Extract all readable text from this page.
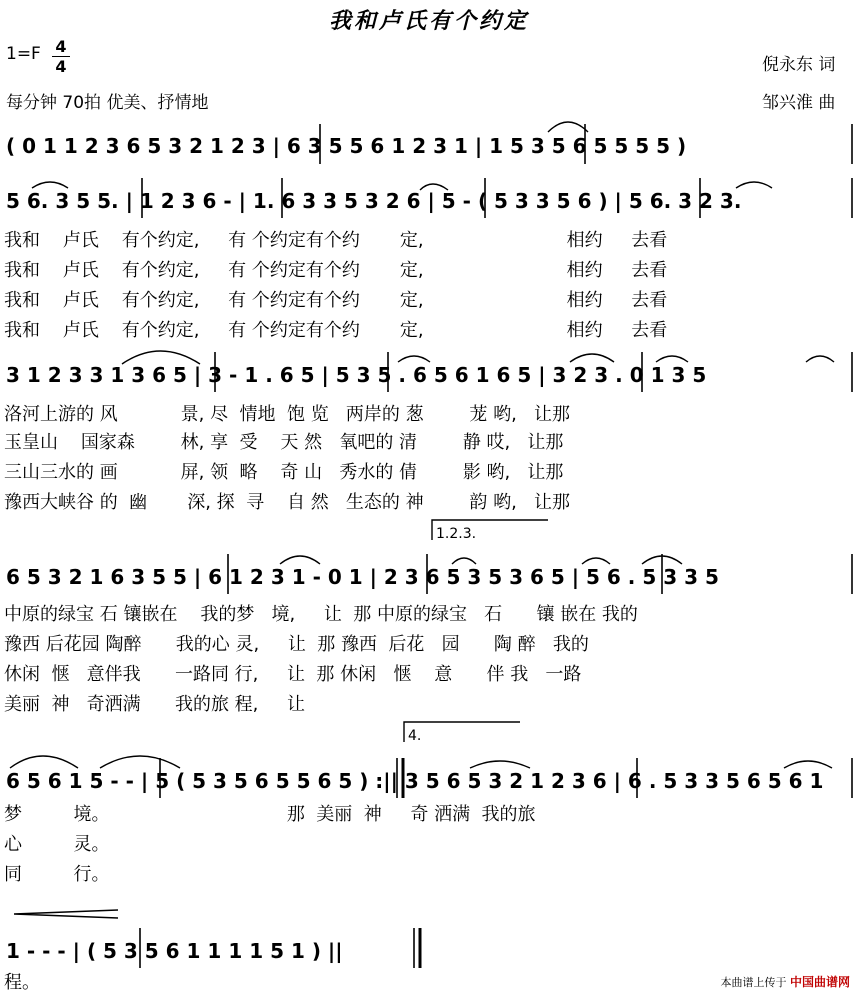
我和卢氏有个约定
1=F 4
4
每分钟 70拍 优美、抒情地
倪永东 词
邹兴淮 曲
( 0 1 1 2 3 6 5 3 2 1 2 3 | 6 3 5 5 6 1 2 3 1 | 1 5 3 5 6 5 5 5 5 )
5 6. 3 5 5. | 1 2 3 6 - | 1. 6 3 3 5 3 2 6 | 5 - ( 5 3 3 5 6 ) | 5 6. 3 2 3.
3 1 2 3 3 1 3 6 5 | 3 - 1 . 6 5 | 5 3 5 . 6 5 6 1 6 5 | 3 2 3 . 0 1 3 5
6 5 3 2 1 6 3 5 5 | 6 1 2 3 1 - 0 1 | 2 3 6 5 3 5 3 6 5 | 5 6 . 5 3 3 5
6 5 6 1 5 - - | 5 ( 5 3 5 6 5 5 6 5 ) :|| 3 5 6 5 3 2 1 2 3 6 | 6 . 5 3 3 5 6 5 6 1
1 - - - | ( 5 3 5 6 1 1 1 1 5 1 ) ||
1.2.3.
4.
我和    卢氏    有个约定,     有 个约定有个约       定,                         相约     去看
我和    卢氏    有个约定,     有 个约定有个约       定,                         相约     去看
我和    卢氏    有个约定,     有 个约定有个约       定,                         相约     去看
我和    卢氏    有个约定,     有 个约定有个约       定,                         相约     去看
洛河上游的 风           景, 尽  情地  饱 览   两岸的 葱        茏 哟,   让那
玉皇山    国家森        林, 享  受    天 然   氧吧的 清        静 哎,   让那
三山三水的 画           屏, 领  略    奇 山   秀水的 倩        影 哟,   让那
豫西大峡谷 的  幽       深, 探  寻    自 然   生态的 神        韵 哟,   让那
中原的绿宝 石 镶嵌在    我的梦   境,     让  那 中原的绿宝   石      镶 嵌在 我的
豫西 后花园 陶醉      我的心 灵,     让  那 豫西  后花   园      陶 醉   我的
休闲  惬   意伴我      一路同 行,     让  那 休闲   惬    意      伴 我   一路
美丽  神   奇洒满      我的旅 程,     让
梦         境。                               那  美丽  神     奇 洒满  我的旅
心         灵。
同         行。
程。	本曲谱上传于 中国曲谱网
